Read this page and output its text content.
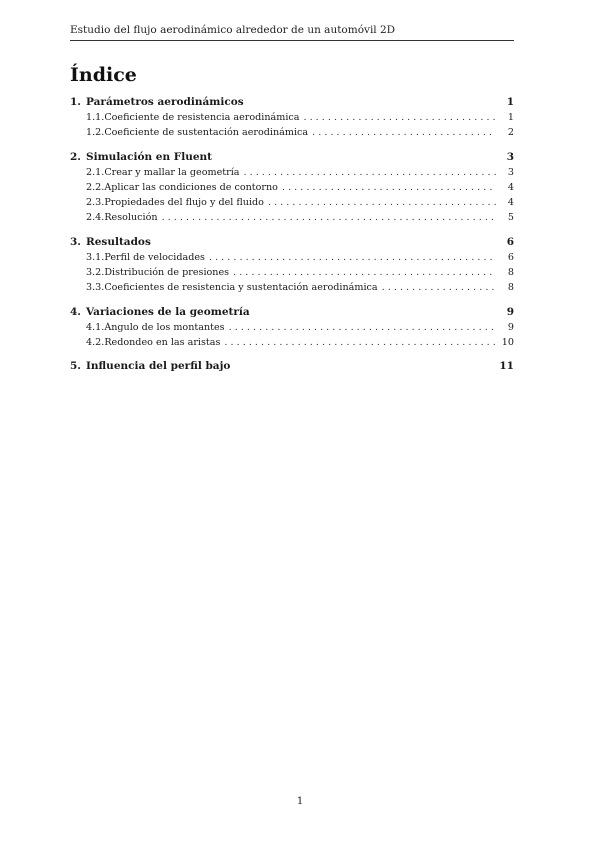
Estudio del flujo aerodinámico alrededor de un automóvil 2D
Índice
1. Parámetros aerodinámicos	1
1.1. Coeficiente de resistencia aerodinámica . . .	1
1.2. Coeficiente de sustentación aerodinámica . . .	2
2. Simulación en Fluent	3
2.1. Crear y mallar la geometría . . .	3
2.2. Aplicar las condiciones de contorno . . .	4
2.3. Propiedades del flujo y del fluido . . .	4
2.4. Resolución . . .	5
3. Resultados	6
3.1. Perfil de velocidades . . .	6
3.2. Distribución de presiones . . .	8
3.3. Coeficientes de resistencia y sustentación aerodinámica . . .	8
4. Variaciones de la geometría	9
4.1. Ángulo de los montantes . . .	9
4.2. Redondeo en las aristas . . .	10
5. Influencia del perfil bajo	11
1
